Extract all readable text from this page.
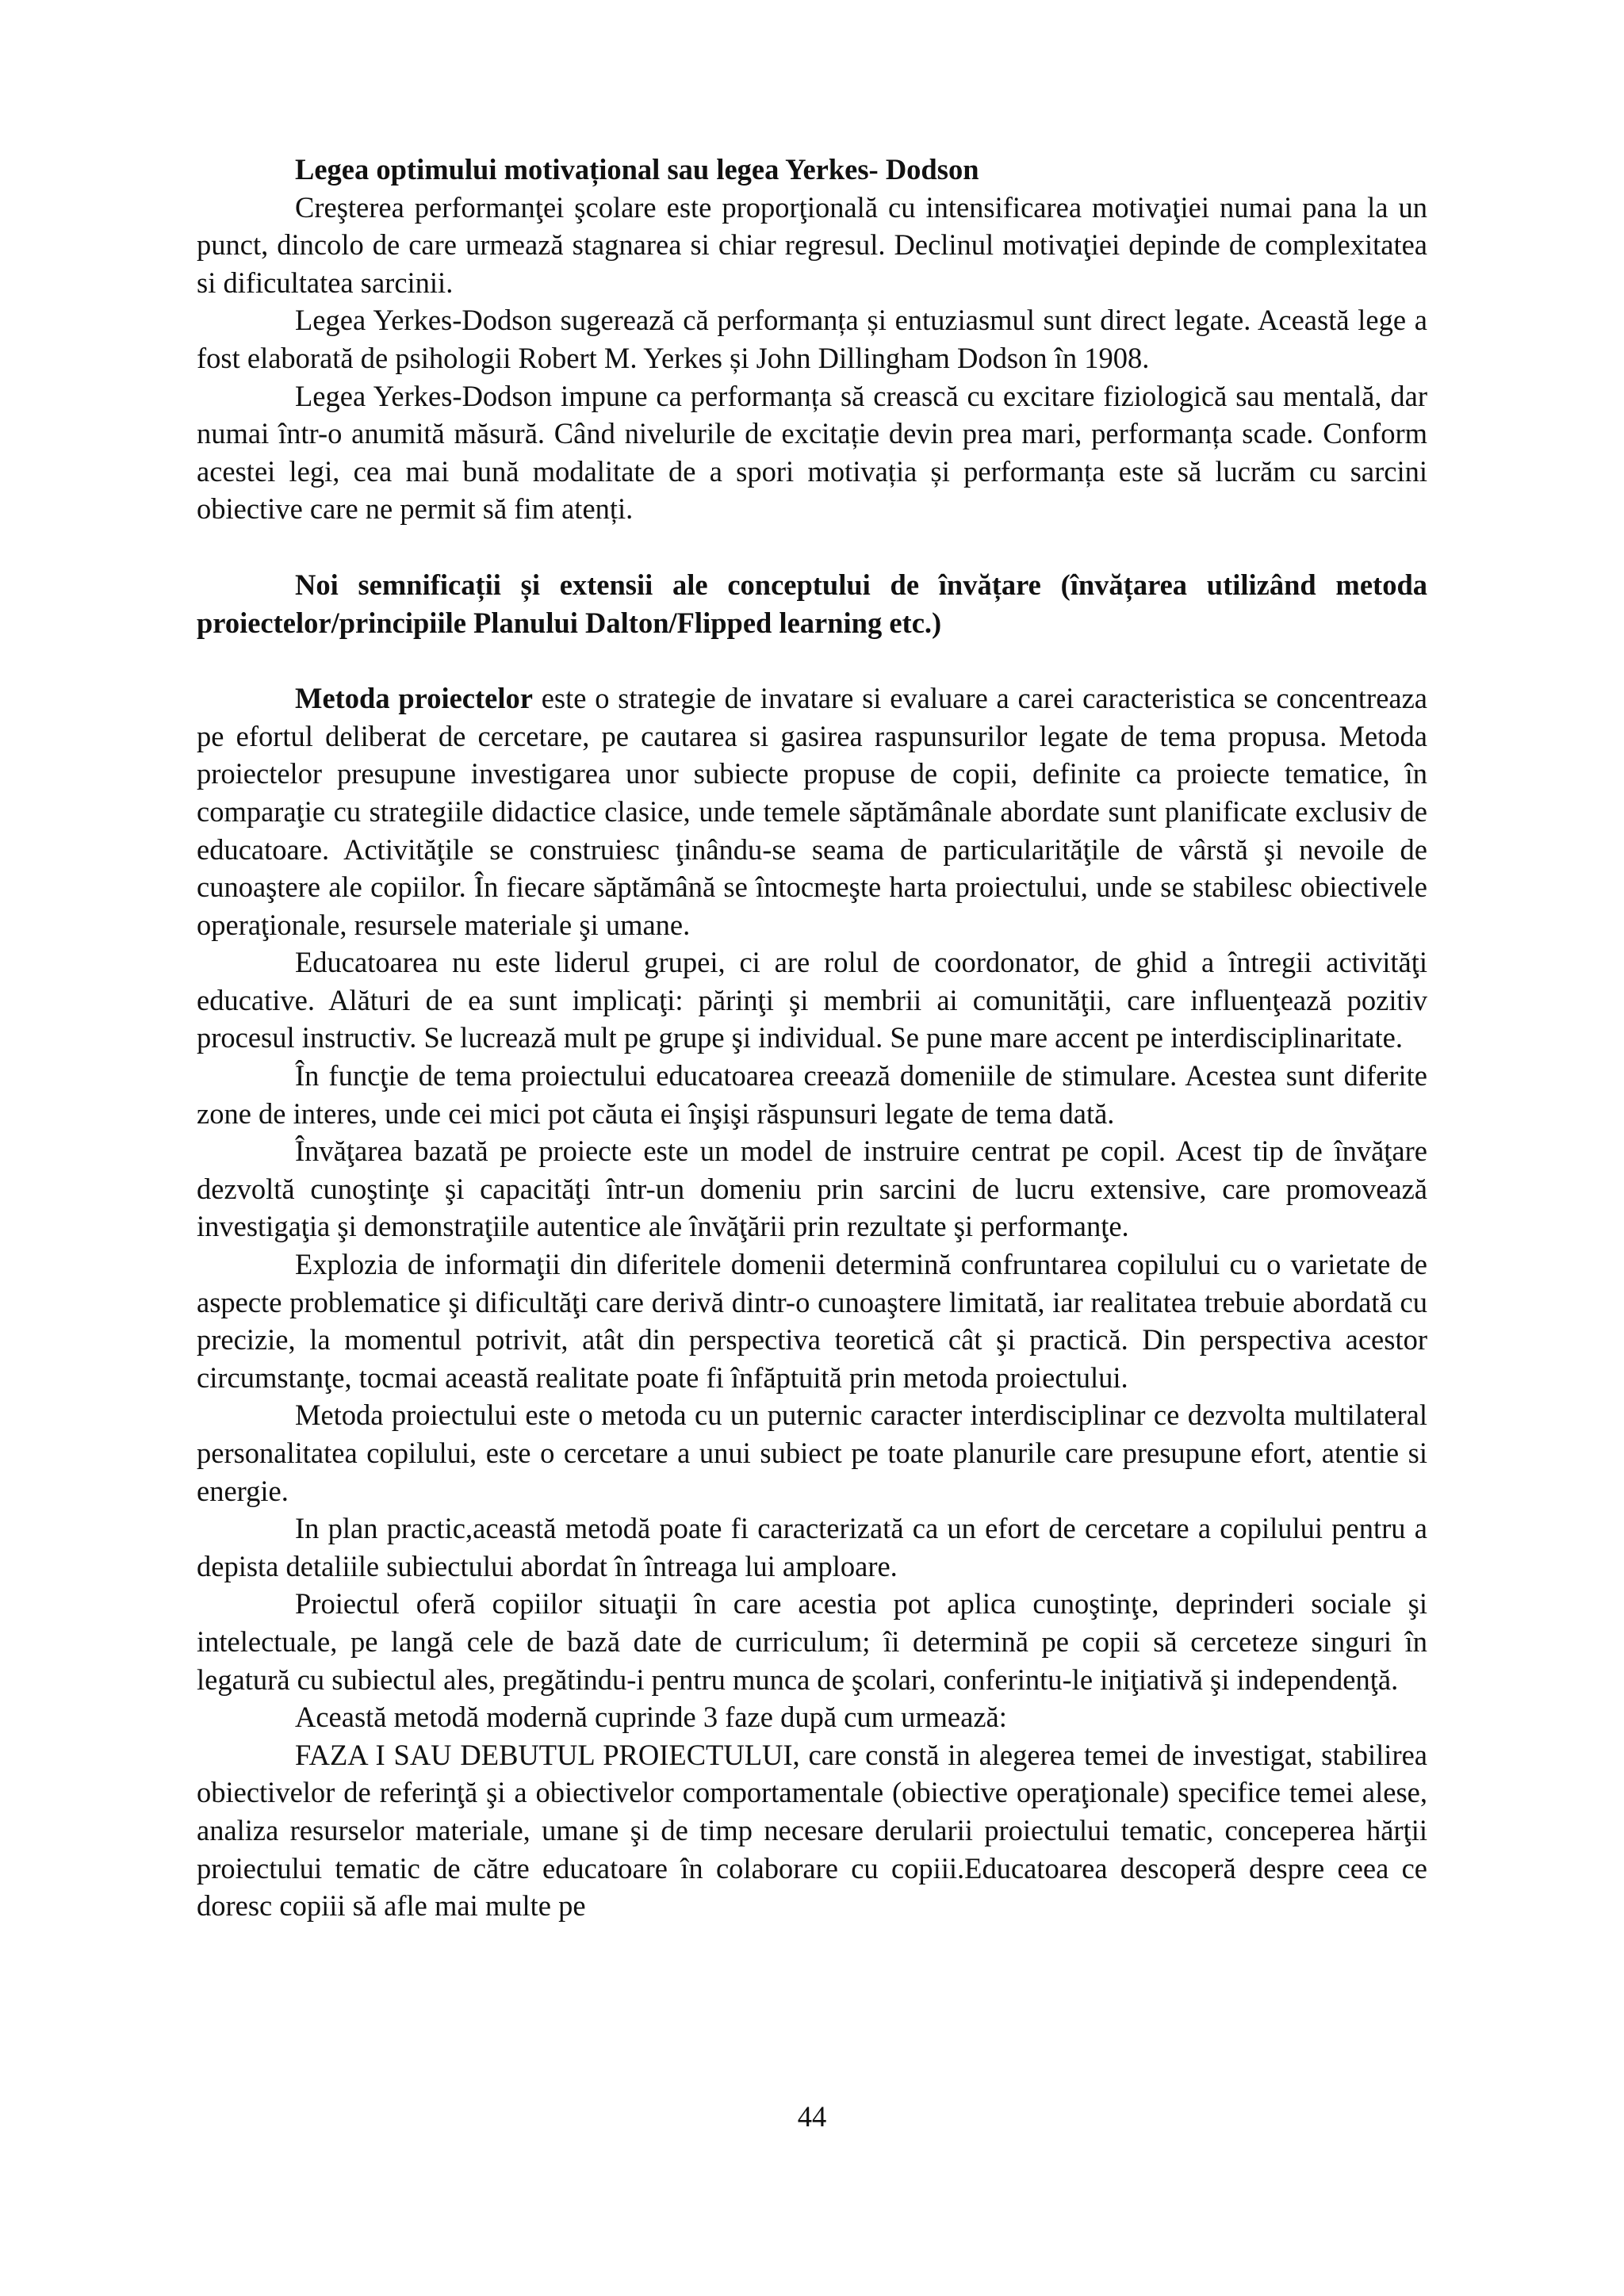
Legea optimului motivațional sau legea Yerkes- Dodson

Creşterea performanţei şcolare este proporţională cu intensificarea motivaţiei numai pana la un punct, dincolo de care urmează stagnarea si chiar regresul. Declinul motivaţiei depinde de complexitatea si dificultatea sarcinii.

Legea Yerkes-Dodson sugerează că performanța și entuziasmul sunt direct legate. Această lege a fost elaborată de psihologii Robert M. Yerkes și John Dillingham Dodson în 1908.

Legea Yerkes-Dodson impune ca performanța să crească cu excitare fiziologică sau mentală, dar numai într-o anumită măsură. Când nivelurile de excitație devin prea mari, performanța scade. Conform acestei legi, cea mai bună modalitate de a spori motivația și performanța este să lucrăm cu sarcini obiective care ne permit să fim atenți.

Noi semnificații și extensii ale conceptului de învățare (învățarea utilizând metoda proiectelor/principiile Planului Dalton/Flipped learning etc.)

Metoda proiectelor este o strategie de invatare si evaluare a carei caracteristica se concentreaza pe efortul deliberat de cercetare, pe cautarea si gasirea raspunsurilor legate de tema propusa. Metoda proiectelor presupune investigarea unor subiecte propuse de copii, definite ca proiecte tematice, în comparaţie cu strategiile didactice clasice, unde temele săptămânale abordate sunt planificate exclusiv de educatoare. Activităţile se construiesc ţinându-se seama de particularităţile de vârstă şi nevoile de cunoaştere ale copiilor. În fiecare săptămână se întocmeşte harta proiectului, unde se stabilesc obiectivele operaţionale, resursele materiale şi umane.

Educatoarea nu este liderul grupei, ci are rolul de coordonator, de ghid a întregii activităţi educative. Alături de ea sunt implicaţi: părinţi şi membrii ai comunităţii, care influenţează pozitiv procesul instructiv. Se lucrează mult pe grupe şi individual. Se pune mare accent pe interdisciplinaritate.

În funcţie de tema proiectului educatoarea creează domeniile de stimulare. Acestea sunt diferite zone de interes, unde cei mici pot căuta ei înşişi răspunsuri legate de tema dată.

Învăţarea bazată pe proiecte este un model de instruire centrat pe copil. Acest tip de învăţare dezvoltă cunoştinţe şi capacităţi într-un domeniu prin sarcini de lucru extensive, care promovează investigaţia şi demonstraţiile autentice ale învăţării prin rezultate şi performanţe.

Explozia de informaţii din diferitele domenii determină confruntarea copilului cu o varietate de aspecte problematice şi dificultăţi care derivă dintr-o cunoaştere limitată, iar realitatea trebuie abordată cu precizie, la momentul potrivit, atât din perspectiva teoretică cât şi practică. Din perspectiva acestor circumstanţe, tocmai această realitate poate fi înfăptuită prin metoda proiectului.

Metoda proiectului este o metoda cu un puternic caracter interdisciplinar ce dezvolta multilateral personalitatea copilului, este o cercetare a unui subiect pe toate planurile care presupune efort, atentie si energie.

In plan practic,această metodă poate fi caracterizată ca un efort de cercetare a copilului pentru a depista detaliile subiectului abordat în întreaga lui amploare.

Proiectul oferă copiilor situaţii în care acestia pot aplica cunoştinţe, deprinderi sociale şi intelectuale, pe langă cele de bază date de curriculum; îi determină pe copii să cerceteze singuri în legatură cu subiectul ales, pregătindu-i pentru munca de şcolari, conferintu-le iniţiativă şi independenţă.

Această metodă modernă cuprinde 3 faze după cum urmează:

FAZA I SAU DEBUTUL PROIECTULUI, care constă in alegerea temei de investigat, stabilirea obiectivelor de referinţă şi a obiectivelor comportamentale (obiective operaţionale) specifice temei alese, analiza resurselor materiale, umane şi de timp necesare derularii proiectului tematic, conceperea hărţii proiectului tematic de către educatoare în colaborare cu copiii.Educatoarea descoperă despre ceea ce doresc copiii să afle mai multe pe

44
